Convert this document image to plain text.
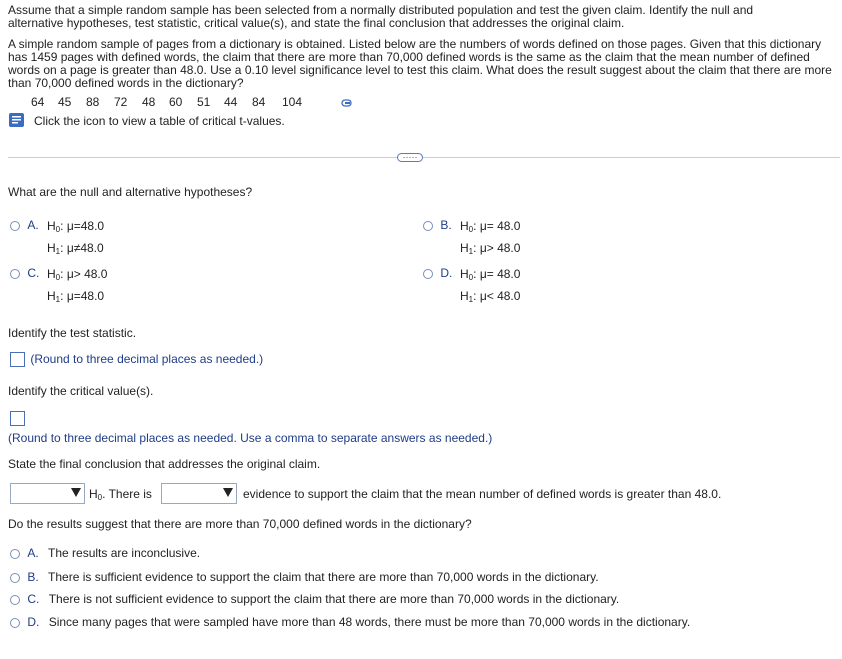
Assume that a simple random sample has been selected from a normally distributed population and test the given claim. Identify the null and alternative hypotheses, test statistic, critical value(s), and state the final conclusion that addresses the original claim.
A simple random sample of pages from a dictionary is obtained. Listed below are the numbers of words defined on those pages. Given that this dictionary has 1459 pages with defined words, the claim that there are more than 70,000 defined words is the same as the claim that the mean number of defined words on a page is greater than 48.0. Use a 0.10 level significance level to test this claim. What does the result suggest about the claim that there are more than 70,000 defined words in the dictionary?
64 45 88 72 48 60 51 44 84 104
Click the icon to view a table of critical t-values.
·····
What are the null and alternative hypotheses?
A. $H_0$: μ=48.0
$H_1$: μ≠48.0
B. $H_0$: μ= 48.0
$H_1$: μ> 48.0
C. $H_0$: μ> 48.0
$H_1$: μ=48.0
D. $H_0$: μ= 48.0
$H_1$: μ< 48.0
Identify the test statistic.
(Round to three decimal places as needed.)
Identify the critical value(s).
(Round to three decimal places as needed. Use a comma to separate answers as needed.)
State the final conclusion that addresses the original claim.
$H_0$. There is	evidence to support the claim that the mean number of defined words is greater than 48.0.
Do the results suggest that there are more than 70,000 defined words in the dictionary?
A. The results are inconclusive.
B. There is sufficient evidence to support the claim that there are more than 70,000 words in the dictionary.
C. There is not sufficient evidence to support the claim that there are more than 70,000 words in the dictionary.
D. Since many pages that were sampled have more than 48 words, there must be more than 70,000 words in the dictionary.
